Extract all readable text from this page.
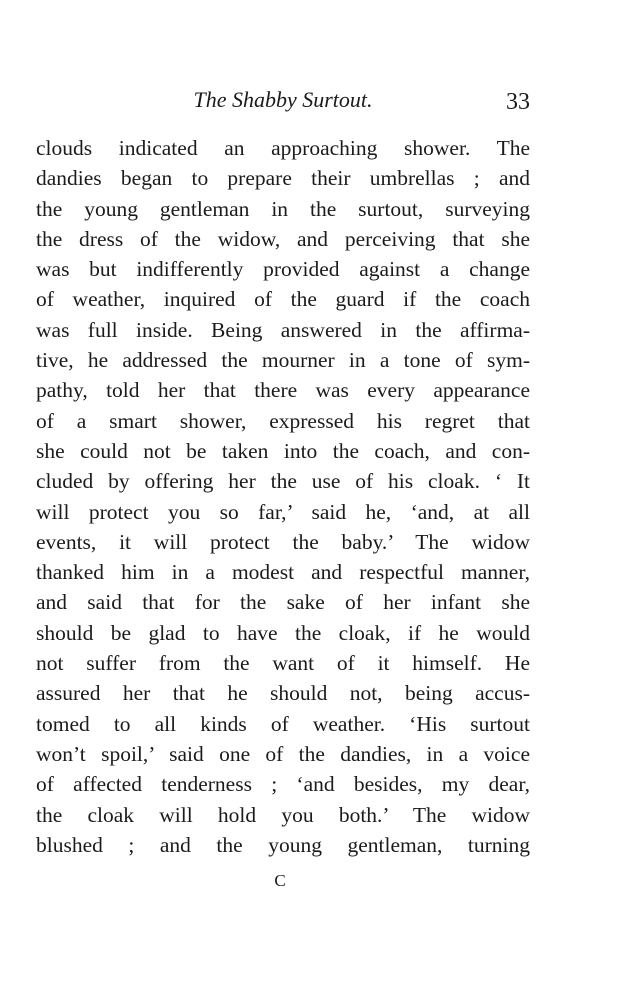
The Shabby Surtout.	33
clouds indicated an approaching shower. The
dandies began to prepare their umbrellas ; and
the young gentleman in the surtout, surveying
the dress of the widow, and perceiving that she
was but indifferently provided against a change
of weather, inquired of the guard if the coach
was full inside. Being answered in the affirma-
tive, he addressed the mourner in a tone of sym-
pathy, told her that there was every appearance
of a smart shower, expressed his regret that
she could not be taken into the coach, and con-
cluded by offering her the use of his cloak. ‘ It
will protect you so far,’ said he, ‘and, at all
events, it will protect the baby.’ The widow
thanked him in a modest and respectful manner,
and said that for the sake of her infant she
should be glad to have the cloak, if he would
not suffer from the want of it himself. He
assured her that he should not, being accus-
tomed to all kinds of weather. ‘His surtout
won’t spoil,’ said one of the dandies, in a voice
of affected tenderness ; ‘and besides, my dear,
the cloak will hold you both.’ The widow
blushed ; and the young gentleman, turning
C
